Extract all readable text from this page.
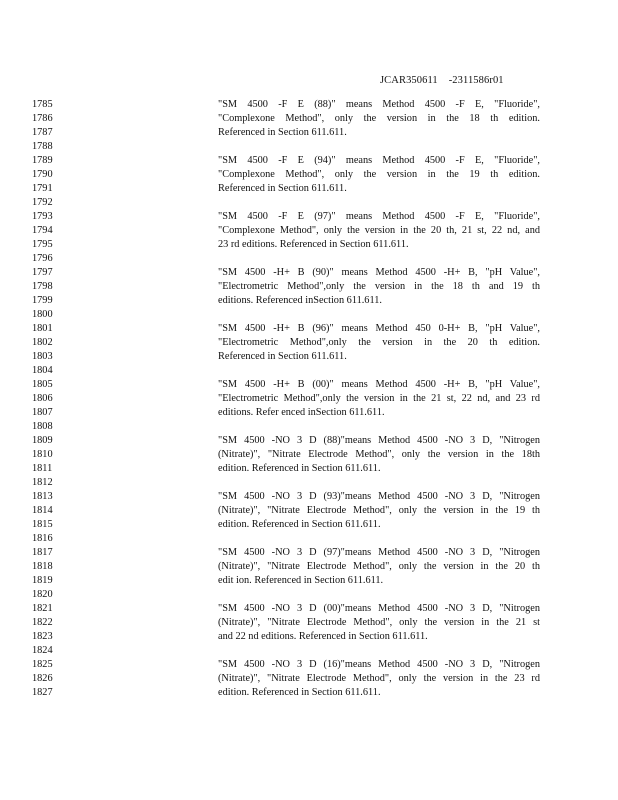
JCAR350611 -2311586r01
1785	"SM 4500 -F E (88)" means Method 4500 -F E, "Fluoride",
1786	"Complexone Method", only the version in the 18 th edition.
1787	Referenced in Section 611.611.
1788
1789	"SM 4500 -F E (94)" means Method 4500 -F E, "Fluoride",
1790	"Complexone Method", only the version in the 19 th edition.
1791	Referenced in Section 611.611.
1792
1793	"SM 4500 -F E (97)" means Method 4500 -F E, "Fluoride",
1794	"Complexone Method", only the version in the 20 th, 21 st, 22 nd, and
1795	23 rd editions. Referenced in Section 611.611.
1796
1797	"SM 4500 -H+ B (90)" means Method 4500 -H+ B, "pH Value",
1798	"Electrometric Method",only the version in the 18 th and 19 th
1799	editions. Referenced inSection 611.611.
1800
1801	"SM 4500 -H+ B (96)" means Method 450 0-H+ B, "pH Value",
1802	"Electrometric Method",only the version in the 20 th edition.
1803	Referenced in Section 611.611.
1804
1805	"SM 4500 -H+ B (00)" means Method 4500 -H+ B, "pH Value",
1806	"Electrometric Method",only the version in the 21 st, 22 nd, and 23 rd
1807	editions. Refer enced inSection 611.611.
1808
1809	"SM 4500 -NO 3 D (88)"means Method 4500 -NO 3 D, "Nitrogen
1810	(Nitrate)", "Nitrate Electrode Method", only the version in the 18th
1811	edition. Referenced in Section 611.611.
1812
1813	"SM 4500 -NO 3 D (93)"means Method 4500 -NO 3 D, "Nitrogen
1814	(Nitrate)", "Nitrate Electrode Method", only the version in the 19 th
1815	edition. Referenced in Section 611.611.
1816
1817	"SM 4500 -NO 3 D (97)"means Method 4500 -NO 3 D, "Nitrogen
1818	(Nitrate)", "Nitrate Electrode Method", only the version in the 20 th
1819	edit ion. Referenced in Section 611.611.
1820
1821	"SM 4500 -NO 3 D (00)"means Method 4500 -NO 3 D, "Nitrogen
1822	(Nitrate)", "Nitrate Electrode Method", only the version in the 21 st
1823	and 22 nd editions. Referenced in Section 611.611.
1824
1825	"SM 4500 -NO 3 D (16)"means Method 4500 -NO 3 D, "Nitrogen
1826	(Nitrate)", "Nitrate Electrode Method", only the version in the 23 rd
1827	edition. Referenced in Section 611.611.
